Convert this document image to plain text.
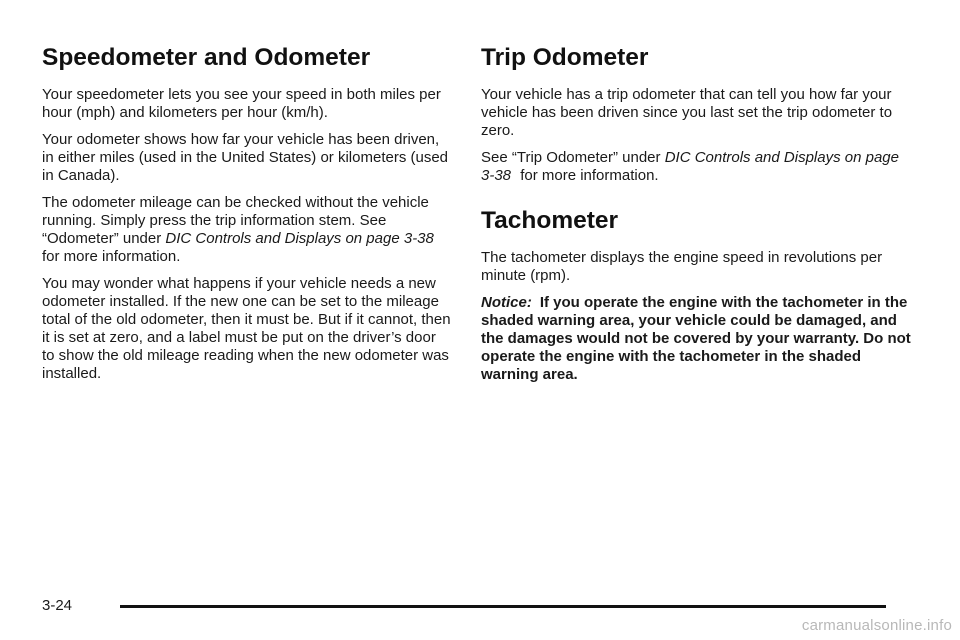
Speedometer and Odometer

Your speedometer lets you see your speed in both miles per hour (mph) and kilometers per hour (km/h).

Your odometer shows how far your vehicle has been driven, in either miles (used in the United States) or kilometers (used in Canada).

The odometer mileage can be checked without the vehicle running. Simply press the trip information stem. See “Odometer” under DIC Controls and Displays on page 3-38 for more information.

You may wonder what happens if your vehicle needs a new odometer installed. If the new one can be set to the mileage total of the old odometer, then it must be. But if it cannot, then it is set at zero, and a label must be put on the driver’s door to show the old mileage reading when the new odometer was installed.

Trip Odometer

Your vehicle has a trip odometer that can tell you how far your vehicle has been driven since you last set the trip odometer to zero.

See “Trip Odometer” under DIC Controls and Displays on page 3-38 for more information.

Tachometer

The tachometer displays the engine speed in revolutions per minute (rpm).

Notice: If you operate the engine with the tachometer in the shaded warning area, your vehicle could be damaged, and the damages would not be covered by your warranty. Do not operate the engine with the tachometer in the shaded warning area.

3-24
carmanualsonline.info
